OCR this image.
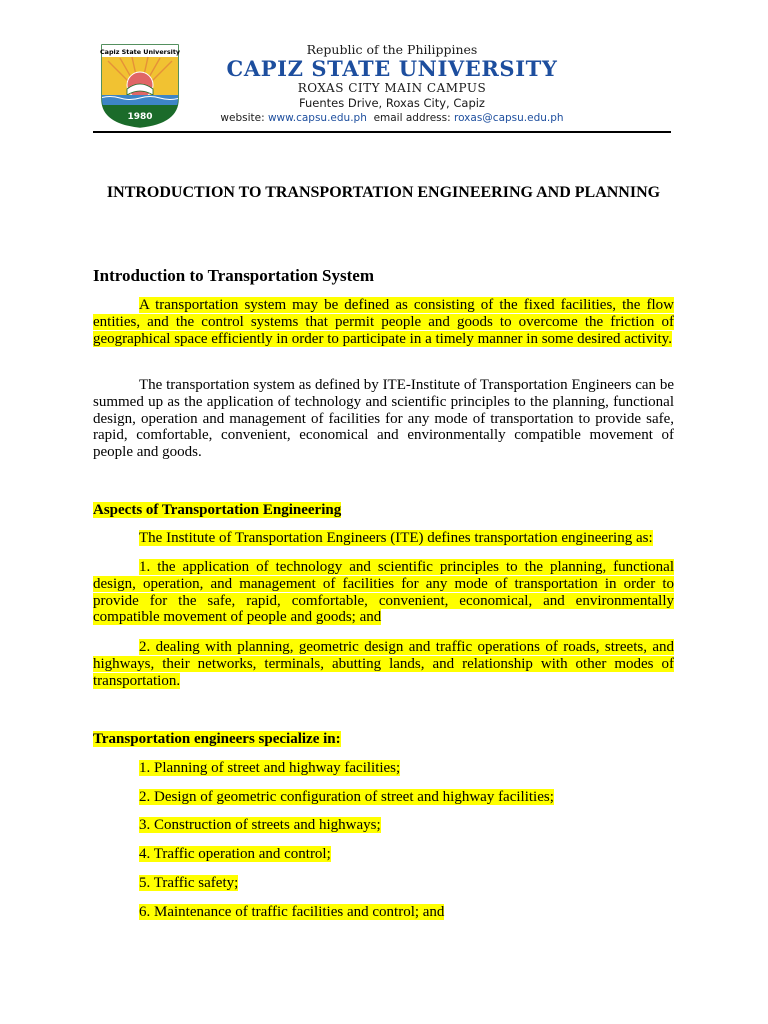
Capiz State University
1980
Republic of the Philippines
CAPIZ STATE UNIVERSITY
ROXAS CITY MAIN CAMPUS
Fuentes Drive, Roxas City, Capiz
website: www.capsu.edu.ph email address: roxas@capsu.edu.ph
INTRODUCTION TO TRANSPORTATION ENGINEERING AND PLANNING
Introduction to Transportation System
A transportation system may be defined as consisting of the fixed facilities, the flow entities, and the control systems that permit people and goods to overcome the friction of geographical space efficiently in order to participate in a timely manner in some desired activity.
The transportation system as defined by ITE-Institute of Transportation Engineers can be summed up as the application of technology and scientific principles to the planning, functional design, operation and management of facilities for any mode of transportation to provide safe, rapid, comfortable, convenient, economical and environmentally compatible movement of people and goods.
Aspects of Transportation Engineering
The Institute of Transportation Engineers (ITE) defines transportation engineering as:
1. the application of technology and scientific principles to the planning, functional design, operation, and management of facilities for any mode of transportation in order to provide for the safe, rapid, comfortable, convenient, economical, and environmentally compatible movement of people and goods; and
2. dealing with planning, geometric design and traffic operations of roads, streets, and highways, their networks, terminals, abutting lands, and relationship with other modes of transportation.
Transportation engineers specialize in:
1. Planning of street and highway facilities;
2. Design of geometric configuration of street and highway facilities;
3. Construction of streets and highways;
4. Traffic operation and control;
5. Traffic safety;
6. Maintenance of traffic facilities and control; and
